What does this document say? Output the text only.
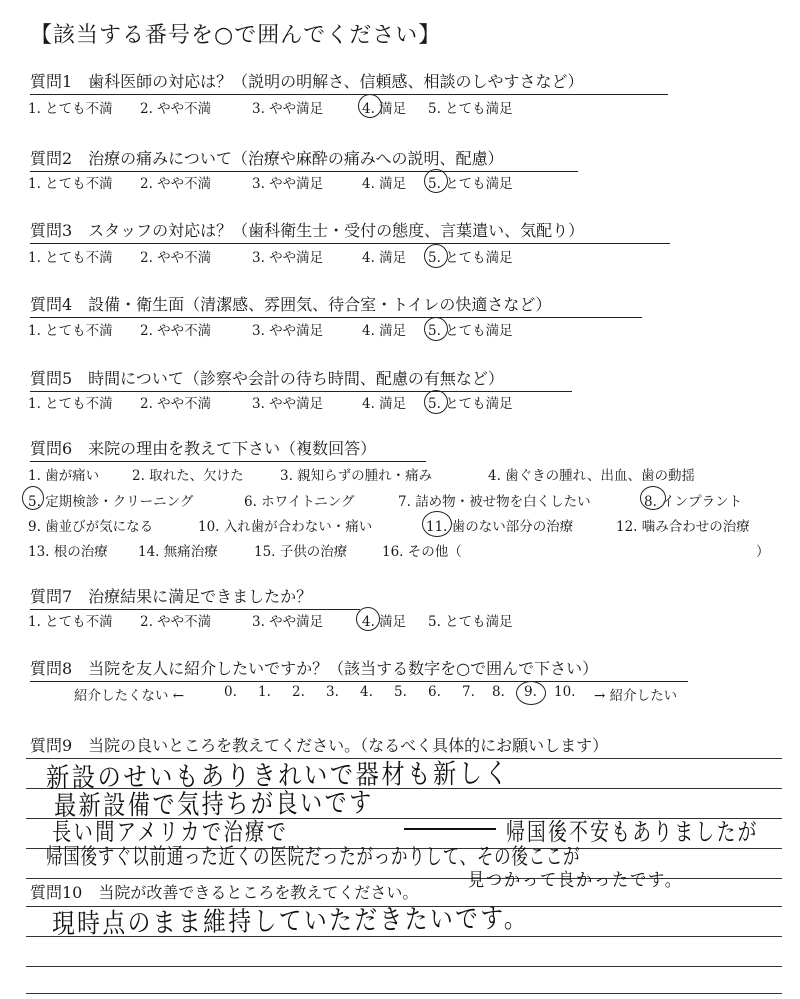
【該当する番号を○で囲んでください】
質問1　歯科医師の対応は？（説明の明解さ、信頼感、相談のしやすさなど）
1. とても不満 2. やや不満	3. やや満足	4. 満足 5. とても満足
質問2　治療の痛みについて（治療や麻酔の痛みへの説明、配慮）
1. とても不満 2. やや不満	3. やや満足	4. 満足 5. とても満足
質問3　スタッフの対応は？（歯科衛生士・受付の態度、言葉遣い、気配り）
1. とても不満 2. やや不満	3. やや満足	4. 満足 5. とても満足
質問4　設備・衛生面（清潔感、雰囲気、待合室・トイレの快適さなど）
1. とても不満 2. やや不満	3. やや満足	4. 満足 5. とても満足
質問5　時間について（診察や会計の待ち時間、配慮の有無など）
1. とても不満 2. やや不満	3. やや満足	4. 満足 5. とても満足
質問6　来院の理由を教えて下さい（複数回答）
1. 歯が痛い 2. 取れた、欠けた	3. 親知らずの腫れ・痛み	4. 歯ぐきの腫れ、出血、歯の動揺
5. 定期検診・クリーニング	6. ホワイトニング	7. 詰め物・被せ物を白くしたい	8. インプラント
9. 歯並びが気になる	10. 入れ歯が合わない・痛い	11. 歯のない部分の治療	12. 噛み合わせの治療
13. 根の治療 14. 無痛治療	15. 子供の治療	16. その他（	）
質問7　治療結果に満足できましたか？
1. とても不満 2. やや不満	3. やや満足	4. 満足 5. とても満足
質問8　当院を友人に紹介したいですか？（該当する数字を○で囲んで下さい）
紹介したくない ←	0. 1. 2. 3. 4. 5. 6. 7. 8. 9. 10. → 紹介したい
質問9　当院の良いところを教えてください。（なるべく具体的にお願いします）
新設のせいもありきれいで器材も新しく
最新設備で気持ちが良いです
長い間アメリカで治療で	帰国後不安もありましたが
帰国後すぐ以前通った近くの医院だったがっかりして、その後ここが
見つかって良かったです。
質問10　当院が改善できるところを教えてください。
現時点のまま維持していただきたいです。
